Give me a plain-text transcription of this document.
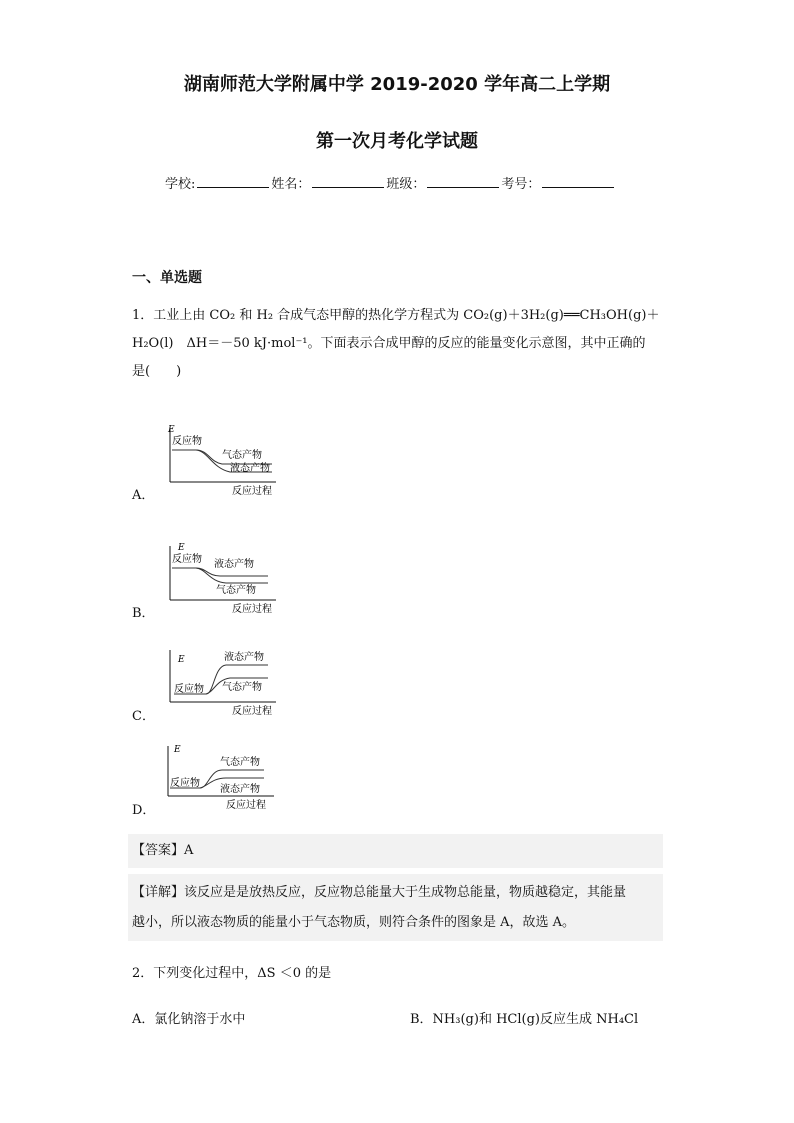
湖南师范大学附属中学 2019-2020 学年高二上学期
第一次月考化学试题
学校:	姓名：	班级：	考号：
一、单选题
1．工业上由 CO₂ 和 H₂ 合成气态甲醇的热化学方程式为 CO₂(g)＋3H₂(g)══CH₃OH(g)＋
H₂O(l)　ΔH＝－50 kJ·mol⁻¹。下面表示合成甲醇的反应的能量变化示意图，其中正确的
是(　　)
A．
E
反应物
气态产物
液态产物
反应过程
B．
E
反应物 液态产物
气态产物
反应过程
C．
E
反应物
液态产物
气态产物
反应过程
D．
E
反应物
气态产物
液态产物
反应过程
【答案】A
【详解】该反应是是放热反应，反应物总能量大于生成物总能量，物质越稳定，其能量
越小，所以液态物质的能量小于气态物质，则符合条件的图象是 A，故选 A。
2．下列变化过程中，ΔS ＜0 的是
A．氯化钠溶于水中	B．NH₃(g)和 HCl(g)反应生成 NH₄Cl
